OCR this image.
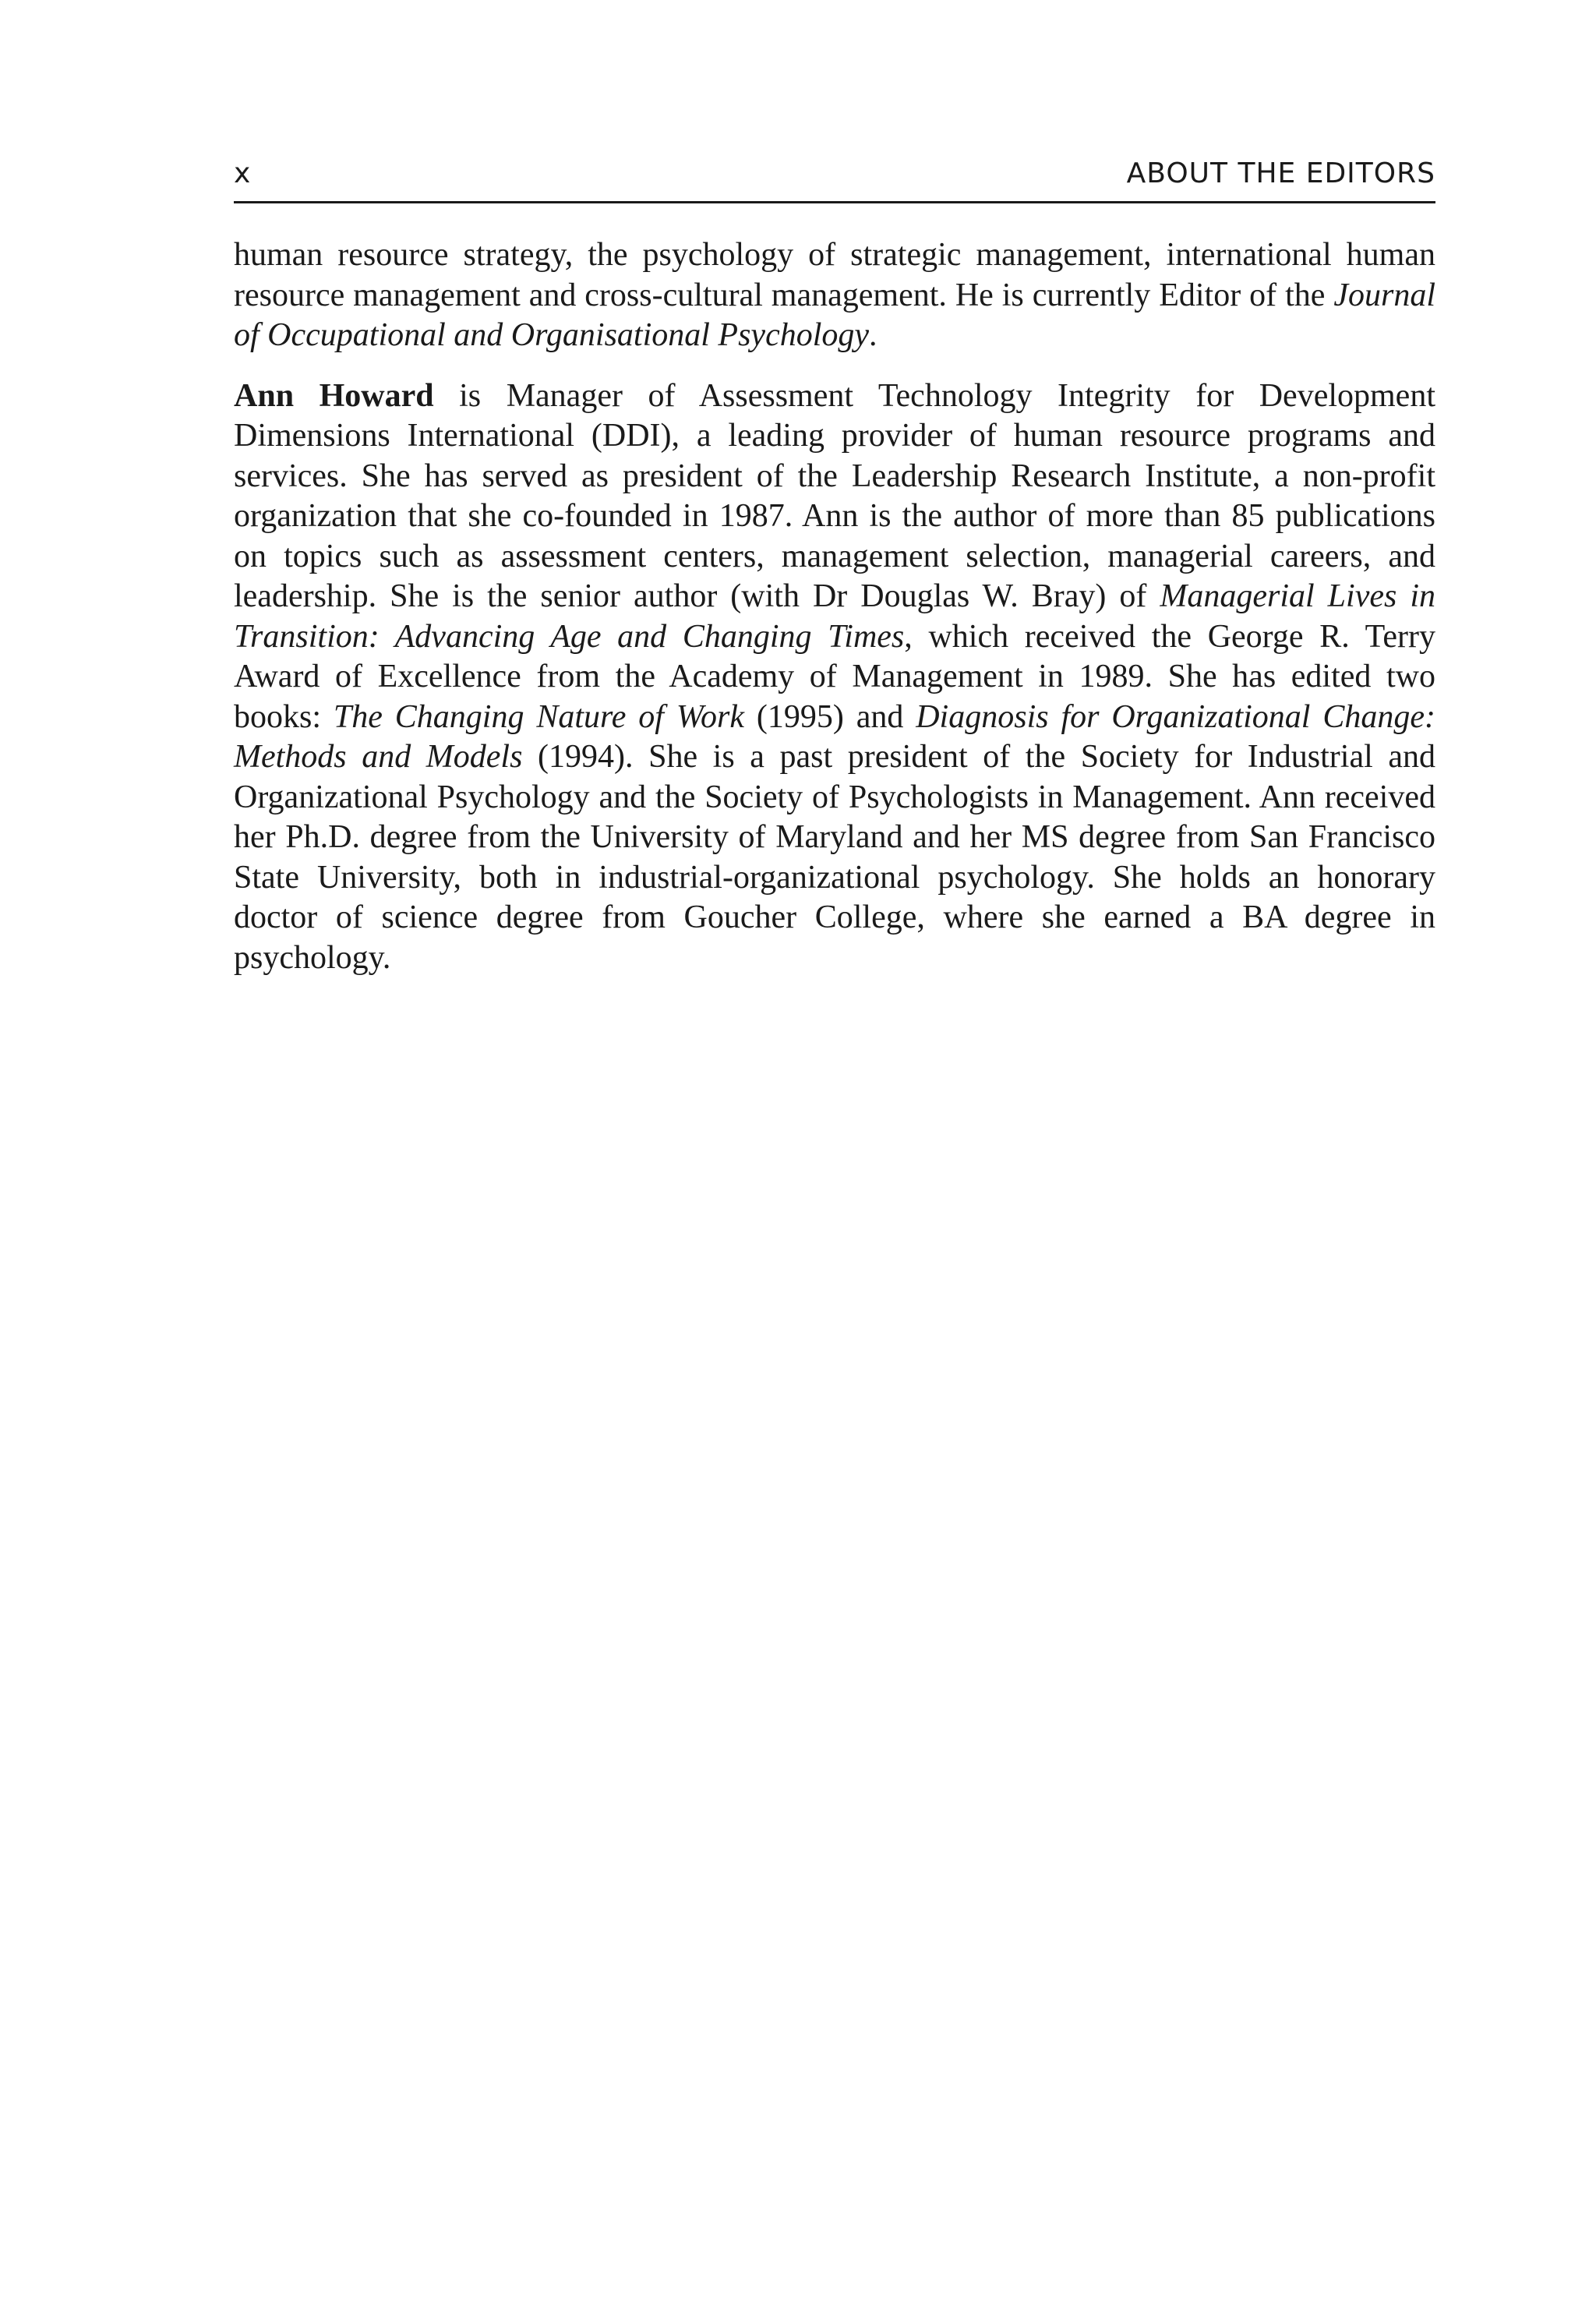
x	ABOUT THE EDITORS

human resource strategy, the psychology of strategic management, international human resource management and cross-cultural management. He is currently Editor of the Journal of Occupational and Organisational Psychology.

Ann Howard is Manager of Assessment Technology Integrity for Development Dimensions International (DDI), a leading provider of human resource programs and services. She has served as president of the Leadership Research Institute, a non-profit organization that she co-founded in 1987. Ann is the author of more than 85 publications on topics such as assessment centers, management selection, managerial careers, and leadership. She is the senior author (with Dr Douglas W. Bray) of Managerial Lives in Transition: Advancing Age and Changing Times, which received the George R. Terry Award of Excellence from the Academy of Management in 1989. She has edited two books: The Changing Nature of Work (1995) and Diagnosis for Organizational Change: Methods and Models (1994). She is a past president of the Society for Industrial and Organizational Psychology and the Society of Psychologists in Management. Ann received her Ph.D. degree from the University of Maryland and her MS degree from San Francisco State University, both in industrial-organizational psychology. She holds an honorary doctor of science degree from Goucher College, where she earned a BA degree in psychology.
